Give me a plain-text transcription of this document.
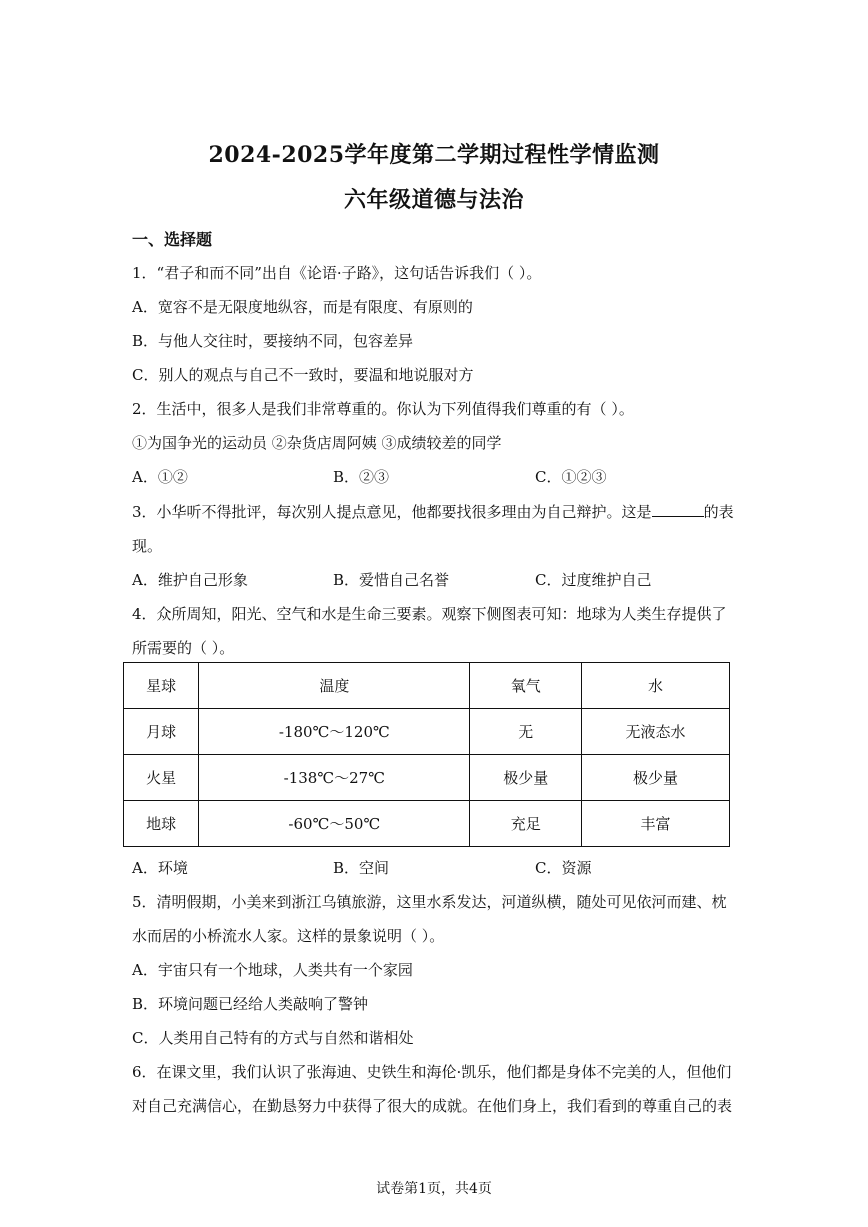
2024-2025学年度第二学期过程性学情监测
六年级道德与法治
一、选择题
1．“君子和而不同”出自《论语·子路》，这句话告诉我们（ ）。
A．宽容不是无限度地纵容，而是有限度、有原则的
B．与他人交往时，要接纳不同，包容差异
C．别人的观点与自己不一致时，要温和地说服对方
2．生活中，很多人是我们非常尊重的。你认为下列值得我们尊重的有（ ）。
①为国争光的运动员 ②杂货店周阿姨 ③成绩较差的同学
A．①②	B．②③	C．①②③
3．小华听不得批评，每次别人提点意见，他都要找很多理由为自己辩护。这是	的表
现。
A．维护自己形象	B．爱惜自己名誉	C．过度维护自己
4．众所周知，阳光、空气和水是生命三要素。观察下侧图表可知：地球为人类生存提供了
所需要的（ ）。
星球	温度	氧气	水
月球	-180℃～120℃	无	无液态水
火星	-138℃～27℃	极少量	极少量
地球	-60℃～50℃	充足	丰富
A．环境	B．空间	C．资源
5．清明假期，小美来到浙江乌镇旅游，这里水系发达，河道纵横，随处可见依河而建、枕
水而居的小桥流水人家。这样的景象说明（ ）。
A．宇宙只有一个地球，人类共有一个家园
B．环境问题已经给人类敲响了警钟
C．人类用自己特有的方式与自然和谐相处
6．在课文里，我们认识了张海迪、史铁生和海伦·凯乐，他们都是身体不完美的人，但他们
对自己充满信心，在勤恳努力中获得了很大的成就。在他们身上，我们看到的尊重自己的表
试卷第1页，共4页
